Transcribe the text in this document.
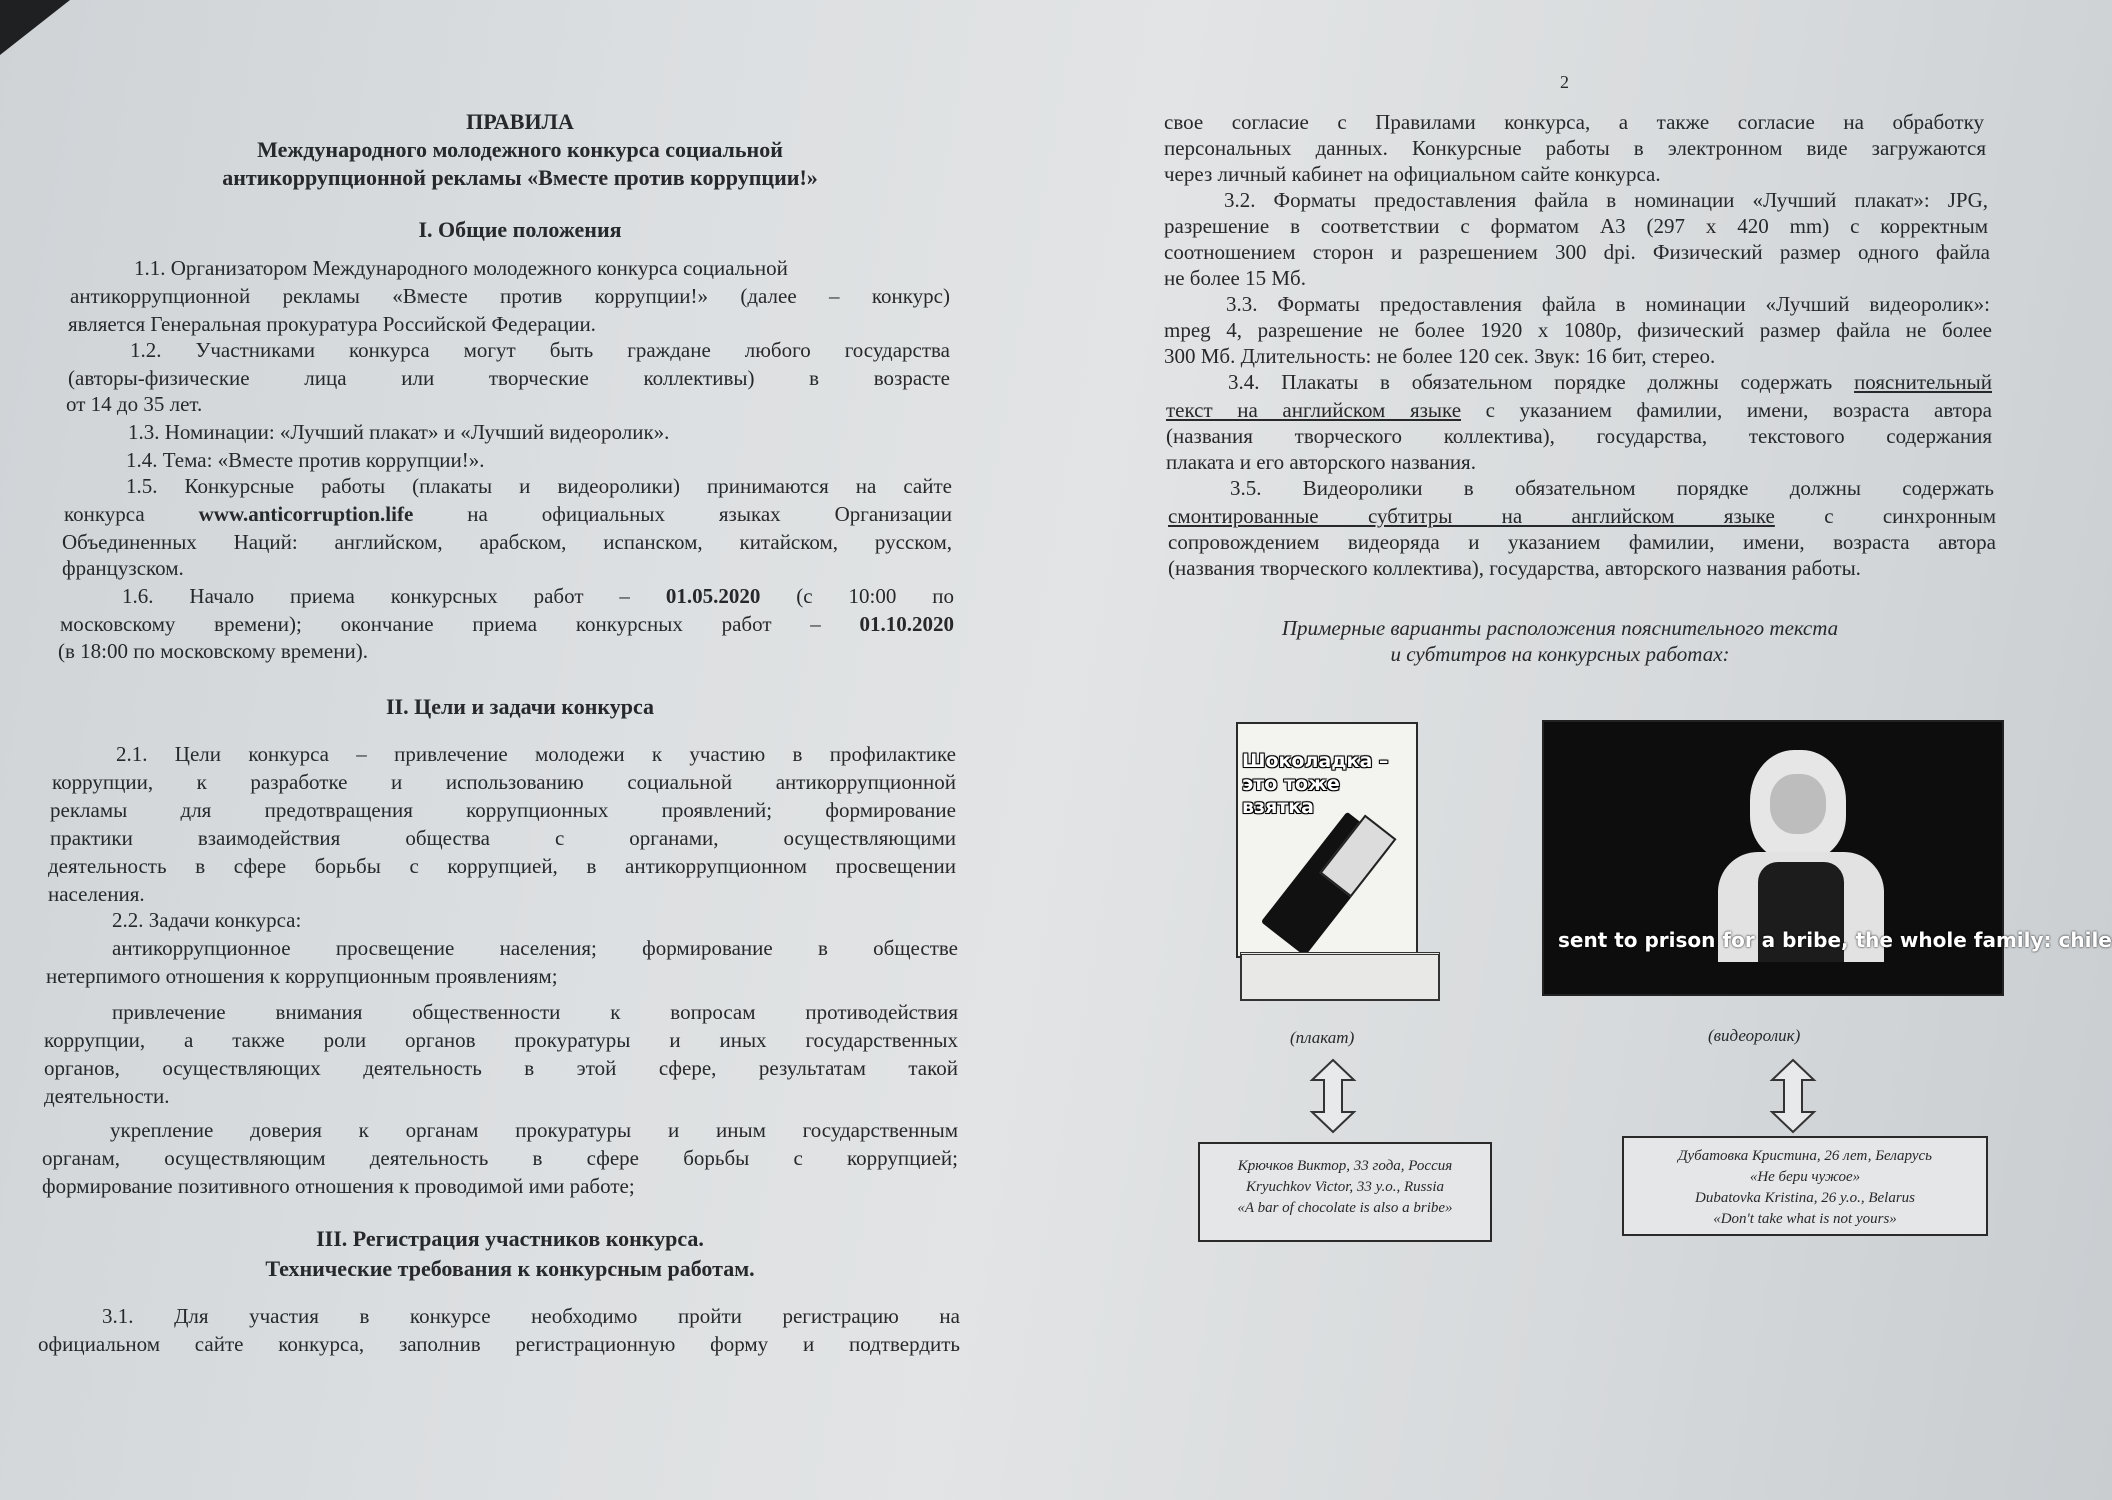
ПРАВИЛА
Международного молодежного конкурса социальной
антикоррупционной рекламы «Вместе против коррупции!»
I. Общие положения
1.1. Организатором Международного молодежного конкурса социальной
антикоррупционной рекламы «Вместе против коррупции!» (далее – конкурс)
является Генеральная прокуратура Российской Федерации.
1.2. Участниками конкурса могут быть граждане любого государства
(авторы-физические лица или творческие коллективы) в возрасте
от 14 до 35 лет.
1.3. Номинации: «Лучший плакат» и «Лучший видеоролик».
1.4. Тема: «Вместе против коррупции!».
1.5. Конкурсные работы (плакаты и видеоролики) принимаются на сайте
конкурса	www.anticorruption.life	на официальных языках Организации
Объединенных Наций: английском, арабском, испанском, китайском, русском,
французском.
1.6. Начало приема конкурсных работ – 01.05.2020 (с 10:00 по
московскому времени); окончание приема конкурсных работ – 01.10.2020
(в 18:00 по московскому времени).
II. Цели и задачи конкурса
2.1. Цели конкурса – привлечение молодежи к участию в профилактике
коррупции, к разработке и использованию социальной антикоррупционной
рекламы для предотвращения коррупционных проявлений; формирование
практики взаимодействия общества с органами, осуществляющими
деятельность в сфере борьбы с коррупцией, в антикоррупционном просвещении
населения.
2.2. Задачи конкурса:
антикоррупционное просвещение населения; формирование в обществе
нетерпимого отношения к коррупционным проявлениям;
привлечение внимания общественности к вопросам противодействия
коррупции, а также роли органов прокуратуры и иных государственных
органов, осуществляющих деятельность в этой сфере, результатам такой
деятельности.
укрепление доверия к органам прокуратуры и иным государственным
органам, осуществляющим деятельность в сфере борьбы с коррупцией;
формирование позитивного отношения к проводимой ими работе;
III. Регистрация участников конкурса.
Технические требования к конкурсным работам.
3.1. Для участия в конкурсе необходимо пройти регистрацию на
официальном сайте конкурса, заполнив регистрационную форму и подтвердить
2
свое согласие с Правилами конкурса, а также согласие на обработку
персональных данных. Конкурсные работы в электронном виде загружаются
через личный кабинет на официальном сайте конкурса.
3.2. Форматы предоставления файла в номинации «Лучший плакат»: JPG,
разрешение в соответствии с форматом А3 (297 х 420 mm) с корректным
соотношением сторон и разрешением 300 dpi. Физический размер одного файла
не более 15 Мб.
3.3. Форматы предоставления файла в номинации «Лучший видеоролик»:
mpeg 4, разрешение не более 1920 х 1080р, физический размер файла не более
300 Мб. Длительность: не более 120 сек. Звук: 16 бит, стерео.
3.4. Плакаты в обязательном порядке должны содержать пояснительный
текст на английском языке с указанием фамилии, имени, возраста автора
(названия творческого коллектива), государства, текстового содержания
плаката и его авторского названия.
3.5. Видеоролики в обязательном порядке должны содержать
смонтированные субтитры на английском языке с синхронным
сопровождением видеоряда и указанием фамилии, имени, возраста автора
(названия творческого коллектива), государства, авторского названия работы.
Примерные варианты расположения пояснительного текста
и субтитров на конкурсных работах:
Шоколадка –
это тоже
взятка
sent to prison for a bribe, the whole family: chile
(плакат)	(видеоролик)
Крючков Виктор, 33 года, Россия
Kryuchkov Victor, 33 y.o., Russia
«A bar of chocolate is also a bribe»
Дубатовка Кристина, 26 лет, Беларусь
«Не бери чужое»
Dubatovka Kristina, 26 y.o., Belarus
«Don't take what is not yours»
